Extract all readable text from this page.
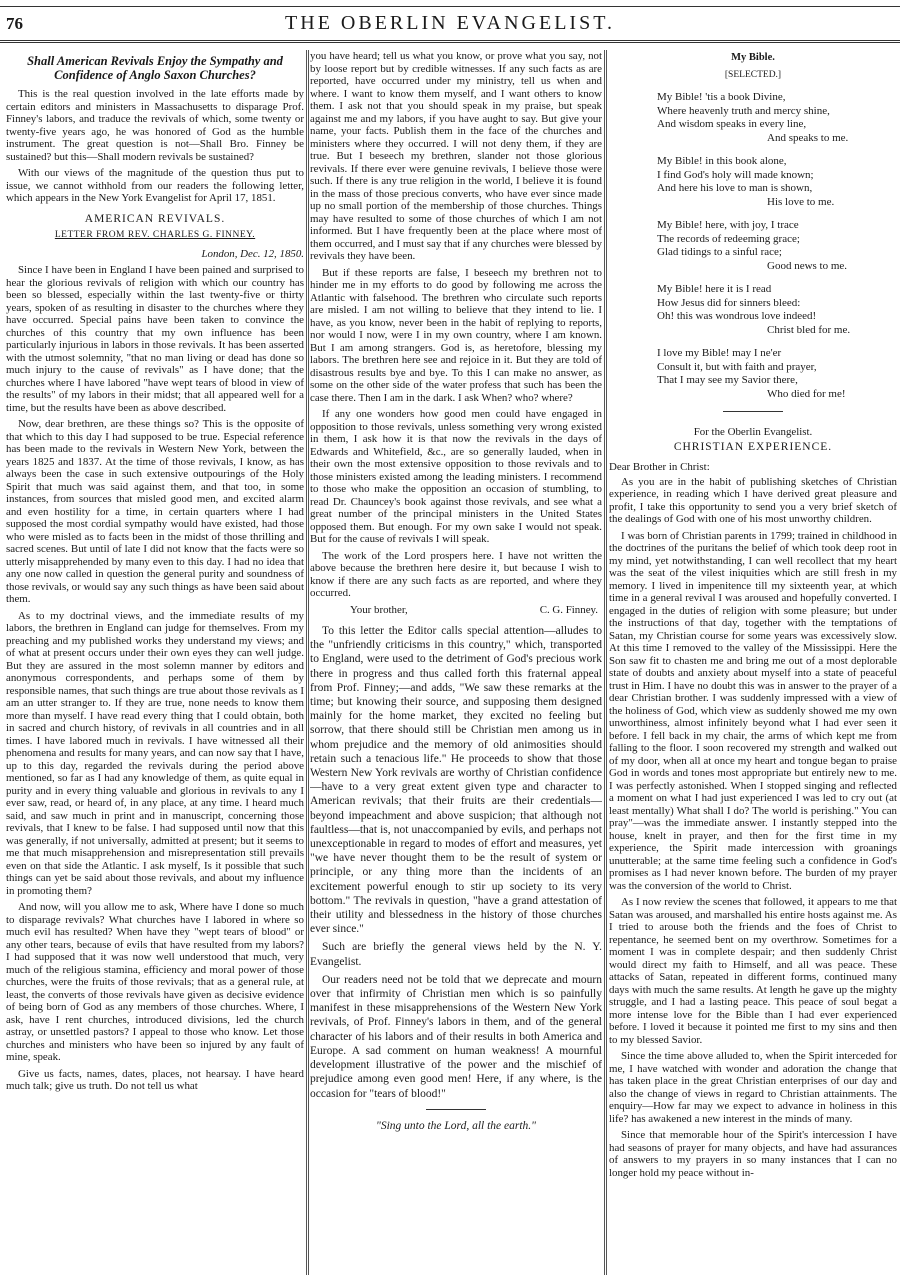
76	THE OBERLIN EVANGELIST.
Shall American Revivals Enjoy the Sympathy and Confidence of Anglo Saxon Churches?

This is the real question involved in the late efforts made by certain editors and ministers in Massachusetts to disparage Prof. Finney's labors, and traduce the revivals of which, some twenty or twenty-five years ago, he was honored of God as the humble instrument. The great question is not—Shall Bro. Finney be sustained? but this—Shall modern revivals be sustained?

With our views of the magnitude of the question thus put to issue, we cannot withhold from our readers the following letter, which appears in the New York Evangelist for April 17, 1851.

AMERICAN REVIVALS.
LETTER FROM REV. CHARLES G. FINNEY.
London, Dec. 12, 1850.

Since I have been in England I have been pained and surprised to hear the glorious revivals of religion with which our country has been so blessed, especially within the last twenty-five or thirty years, spoken of as resulting in disaster to the churches where they have occurred. Special pains have been taken to convince the churches of this country that my own influence has been particularly injurious in labors in those revivals. It has been asserted with the utmost solemnity, "that no man living or dead has done so much injury to the cause of revivals" as I have done; that the churches where I have labored "have wept tears of blood in view of the results" of my labors in their midst; that all appeared well for a time, but the results have been as above described.

Now, dear brethren, are these things so? This is the opposite of that which to this day I had supposed to be true. Especial reference has been made to the revivals in Western New York, between the years 1825 and 1837. At the time of those revivals, I know, as has always been the case in such extensive outpourings of the Holy Spirit that much was said against them, and that too, in some instances, from sources that misled good men, and excited alarm and even hostility for a time, in certain quarters where I had supposed the most cordial sympathy would have existed, had those who were misled as to facts been in the midst of those thrilling and sacred scenes. But until of late I did not know that the facts were so utterly misapprehended by many even to this day. I had no idea that any one now called in question the general purity and soundness of those revivals, or would say any such things as have been said about them.

As to my doctrinal views, and the immediate results of my labors, the brethren in England can judge for themselves. From my preaching and my published works they understand my views; and of what at present occurs under their own eyes they can well judge. But they are assured in the most solemn manner by editors and anonymous correspondents, and perhaps some of them by responsible names, that such things are true about those revivals as I am an utter stranger to. If they are true, none needs to know them more than myself. I have read every thing that I could obtain, both in sacred and church history, of revivals in all countries and in all times. I have labored much in revivals. I have witnessed all their phenomena and results for many years, and can now say that I have, up to this day, regarded the revivals during the period above mentioned, so far as I had any knowledge of them, as quite equal in purity and in every thing valuable and glorious in revivals to any I ever saw, read, or heard of, in any place, at any time. I heard much said, and saw much in print and in manuscript, concerning those revivals, that I knew to be false. I had supposed until now that this was generally, if not universally, admitted at present; but it seems to me that much misapprehension and misrepresentation still prevails even on that side the Atlantic. I ask myself, Is it possible that such things can yet be said about those revivals, and about my influence in promoting them?

And now, will you allow me to ask, Where have I done so much to disparage revivals? What churches have I labored in where so much evil has resulted? When have they "wept tears of blood" or any other tears, because of evils that have resulted from my labors? I had supposed that it was now well understood that much, very much of the religious stamina, efficiency and moral power of those churches, were the fruits of those revivals; that as a general rule, at least, the converts of those revivals have given as decisive evidence of being born of God as any members of those churches. Where, I ask, have I rent churches, introduced divisions, led the church astray, or unsettled pastors? I appeal to those who know. Let those churches and ministers who have been so injured by any fault of mine, speak.

Give us facts, names, dates, places, not hearsay. I have heard much talk; give us truth. Do not tell us what

you have heard; tell us what you know, or prove what you say, not by loose report but by credible witnesses. If any such facts as are reported, have occurred under my ministry, tell us when and where. I want to know them myself, and I want others to know them. I ask not that you should speak in my praise, but speak against me and my labors, if you have aught to say. But give your name, your facts. Publish them in the face of the churches and ministers where they occurred. I will not deny them, if they are true. But I beseech my brethren, slander not those glorious revivals. If there ever were genuine revivals, I believe those were such. If there is any true religion in the world, I believe it is found in the mass of those precious converts, who have ever since made up no small portion of the membership of those churches. Things may have resulted to some of those churches of which I am not informed. But I have frequently been at the place where most of them occurred, and I must say that if any churches were blessed by revivals they have been.

But if these reports are false, I beseech my brethren not to hinder me in my efforts to do good by following me across the Atlantic with falsehood. The brethren who circulate such reports are misled. I am not willing to believe that they intend to lie. I have, as you know, never been in the habit of replying to reports, nor would I now, were I in my own country, where I am known. But I am among strangers. God is, as heretofore, blessing my labors. The brethren here see and rejoice in it. But they are told of disastrous results bye and bye. To this I can make no answer, as some on the other side of the water profess that such has been the case there. Then I am in the dark. I ask When? who? where?

If any one wonders how good men could have engaged in opposition to those revivals, unless something very wrong existed in them, I ask how it is that now the revivals in the days of Edwards and Whitefield, &c., are so generally lauded, when in their own the most extensive opposition to those revivals and to those ministers existed among the leading ministers. I recommend to those who make the opposition an occasion of stumbling, to read Dr. Chauncey's book against those revivals, and see what a great number of the principal ministers in the United States opposed them. But enough. For my own sake I would not speak. But for the cause of revivals I will speak.

The work of the Lord prospers here. I have not written the above because the brethren here desire it, but because I wish to know if there are any such facts as are reported, and where they occurred.

Your brother,	C. G. Finney.

To this letter the Editor calls special attention—alludes to the "unfriendly criticisms in this country," which, transported to England, were used to the detriment of God's precious work there in progress and thus called forth this fraternal appeal from Prof. Finney;—and adds, "We saw these remarks at the time; but knowing their source, and supposing them designed mainly for the home market, they excited no feeling but sorrow, that there should still be Christian men among us in whom prejudice and the memory of old animosities should retain such a tenacious life." He proceeds to show that those Western New York revivals are worthy of Christian confidence—have to a very great extent given type and character to American revivals; that their fruits are their credentials—beyond impeachment and above suspicion; that although not faultless—that is, not unaccompanied by evils, and perhaps not unexceptionable in regard to modes of effort and measures, yet "we have never thought them to be the result of system or principle, or any thing more than the incidents of an excitement powerful enough to stir up society to its very bottom." The revivals in question, "have a grand attestation of their utility and blessedness in the history of those churches ever since."

Such are briefly the general views held by the N. Y. Evangelist.

Our readers need not be told that we deprecate and mourn over that infirmity of Christian men which is so painfully manifest in these misapprehensions of the Western New York revivals, of Prof. Finney's labors in them, and of the general character of his labors and of their results in both America and Europe. A sad comment on human weakness! A mournful development illustrative of the power and the mischief of prejudice among even good men! Here, if any where, is the occasion for "tears of blood!"

"Sing unto the Lord, all the earth."
My Bible.
[SELECTED.]
My Bible! 'tis a book Divine,
Where heavenly truth and mercy shine,
And wisdom speaks in every line,
And speaks to me.
My Bible! in this book alone,
I find God's holy will made known;
And here his love to man is shown,
His love to me.
My Bible! here, with joy, I trace
The records of redeeming grace;
Glad tidings to a sinful race;
Good news to me.
My Bible! here it is I read
How Jesus did for sinners bleed:
Oh! this was wondrous love indeed!
Christ bled for me.
I love my Bible! may I ne'er
Consult it, but with faith and prayer,
That I may see my Savior there,
Who died for me!
For the Oberlin Evangelist.
CHRISTIAN EXPERIENCE.

Dear Brother in Christ:

As you are in the habit of publishing sketches of Christian experience, in reading which I have derived great pleasure and profit, I take this opportunity to send you a very brief sketch of the dealings of God with one of his most unworthy children.

I was born of Christian parents in 1799; trained in childhood in the doctrines of the puritans the belief of which took deep root in my mind, yet notwithstanding, I can well recollect that my heart was the seat of the vilest iniquities which are still fresh in my memory. I lived in impenitence till my sixteenth year, at which time in a general revival I was aroused and hopefully converted. I engaged in the duties of religion with some pleasure; but under the instructions of that day, together with the temptations of Satan, my Christian course for some years was excessively slow. At this time I removed to the valley of the Mississippi. Here the Son saw fit to chasten me and bring me out of a most deplorable state of doubts and anxiety about myself into a state of peaceful trust in Him. I have no doubt this was in answer to the prayer of a dear Christian brother. I was suddenly impressed with a view of the holiness of God, which view as suddenly showed me my own unworthiness, almost infinitely beyond what I had ever seen it before. I fell back in my chair, the arms of which kept me from falling to the floor. I soon recovered my strength and walked out of my door, when all at once my heart and tongue began to praise God in words and tones most appropriate but entirely new to me. I was perfectly astonished. When I stopped singing and reflected a moment on what I had just experienced I was led to cry out (at least mentally) What shall I do? The world is perishing." You can pray"—was the immediate answer. I instantly stepped into the house, knelt in prayer, and then for the first time in my experience, the Spirit made intercession with groanings unutterable; at the same time feeling such a confidence in God's promises as I had never known before. The burden of my prayer was the conversion of the world to Christ.

As I now review the scenes that followed, it appears to me that Satan was aroused, and marshalled his entire hosts against me. As I tried to arouse both the friends and the foes of Christ to repentance, he seemed bent on my overthrow. Sometimes for a moment I was in complete despair; and then suddenly Christ would direct my faith to Himself, and all was peace. These attacks of Satan, repeated in different forms, continued many days with much the same results. At length he gave up the mighty struggle, and I had a lasting peace. This peace of soul begat a more intense love for the Bible than I had ever experienced before. I loved it because it pointed me first to my sins and then to my blessed Savior.

Since the time above alluded to, when the Spirit interceded for me, I have watched with wonder and adoration the change that has taken place in the great Christian enterprises of our day and also the change of views in regard to Christian attainments. The enquiry—How far may we expect to advance in holiness in this life? has awakened a new interest in the minds of many.

Since that memorable hour of the Spirit's intercession I have had seasons of prayer for many objects, and have had assurances of answers to my prayers in so many instances that I can no longer hold my peace without in-
